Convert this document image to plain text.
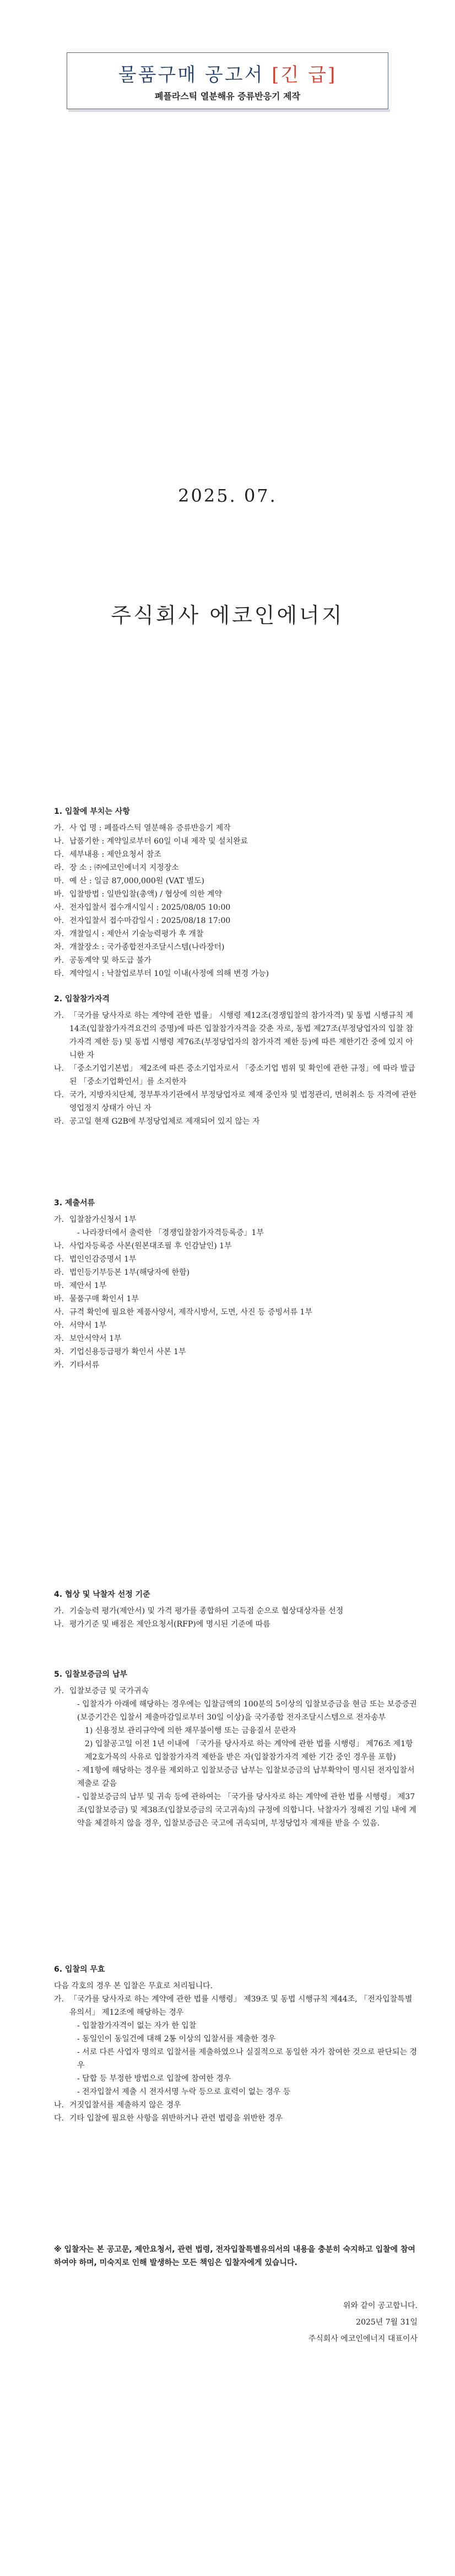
물품구매 공고서 [긴 급]
폐플라스틱 열분해유 증류반응기 제작
2025. 07.
주식회사 에코인에너지
1. 입찰에 부치는 사항
가. 사 업 명 : 폐플라스틱 열분해유 증류반응기 제작
나. 납품기한 : 계약일로부터 60일 이내 제작 및 설치완료
다. 세부내용 : 제안요청서 참조
라. 장 소 : ㈜에코인에너지 지정장소
마. 예 산 : 일금 87,000,000원 (VAT 별도)
바. 입찰방법 : 일반입찰(총액) / 협상에 의한 계약
사. 전자입찰서 접수개시일시 : 2025/08/05 10:00
아. 전자입찰서 접수마감일시 : 2025/08/18 17:00
자. 개찰일시 : 제안서 기술능력평가 후 개찰
차. 개찰장소 : 국가종합전자조달시스템(나라장터)
카. 공동계약 및 하도급 불가
타. 계약일시 : 낙찰업로부터 10일 이내(사정에 의해 변경 가능)
2. 입찰참가자격
가. 「국가를 당사자로 하는 계약에 관한 법률」 시행령 제12조(경쟁입찰의 참가자격) 및 동법 시행규칙 제14조(입찰참가자격요건의 증명)에 따른 입찰참가자격을 갖춘 자로, 동법 제27조(부정당업자의 입찰 참가자격 제한 등) 및 동법 시행령 제76조(부정당업자의 참가자격 제한 등)에 따른 제한기간 중에 있지 아니한 자
나. 「중소기업기본법」 제2조에 따른 중소기업자로서 「중소기업 범위 및 확인에 관한 규정」에 따라 발급된 「중소기업확인서」를 소지한자
다. 국가, 지방자치단체, 정부투자기관에서 부정당업자로 제재 중인자 및 법정관리, 면허취소 등 자격에 관한 영업정지 상태가 아닌 자
라. 공고일 현재 G2B에 부정당업체로 제재되어 있지 않는 자
3. 제출서류
가. 입찰참가신청서 1부
- 나라장터에서 출력한 「경쟁입찰참가자격등록증」1부
나. 사업자등록증 사본(원본대조필 후 인감날인) 1부
다. 법인인감증명서 1부
라. 법인등기부등본 1부(해당자에 한함)
마. 제안서 1부
바. 물품구매 확인서 1부
사. 규격 확인에 필요한 제품사양서, 제작시방서, 도면, 사진 등 증빙서류 1부
아. 서약서 1부
자. 보안서약서 1부
차. 기업신용등급평가 확인서 사본 1부
카. 기타서류
4. 협상 및 낙찰자 선정 기준
가. 기술능력 평가(제안서) 및 가격 평가를 종합하여 고득점 순으로 협상대상자를 선정
나. 평가기준 및 배점은 제안요청서(RFP)에 명시된 기준에 따름
5. 입찰보증금의 납부
가. 입찰보증금 및 국가귀속
- 입찰자가 아래에 해당하는 경우에는 입찰금액의 100분의 5이상의 입찰보증금을 현금 또는 보증증권(보증기간은 입찰서 제출마감일로부터 30일 이상)을 국가종합 전자조달시스템으로 전자송부
1) 신용정보 관리규약에 의한 채무불이행 또는 금융질서 문란자
2) 입찰공고일 이전 1년 이내에 「국가를 당사자로 하는 계약에 관한 법률 시행령」 제76조 제1항 제2호가목의 사유로 입찰참가자격 제한을 받은 자(입찰참가자격 제한 기간 중인 경우를 포함)
- 제1항에 해당하는 경우를 제외하고 입찰보증금 납부는 입찰보증금의 납부확약이 명시된 전자입찰서 제출로 갈음
- 입찰보증금의 납부 및 귀속 등에 관하여는 「국가를 당사자로 하는 계약에 관한 법률 시행령」 제37조(입찰보증금) 및 제38조(입찰보증금의 국고귀속)의 규정에 의합니다. 낙찰자가 정해진 기일 내에 계약을 체결하지 않을 경우, 입찰보증금은 국고에 귀속되며, 부정당업자 제재를 받을 수 있음.
6. 입찰의 무효
다음 각호의 경우 본 입찰은 무효로 처리됩니다.
가. 「국가를 당사자로 하는 계약에 관한 법률 시행령」 제39조 및 동법 시행규칙 제44조, 「전자입찰특별유의서」 제12조에 해당하는 경우
- 입찰참가자격이 없는 자가 한 입찰
- 동일인이 동일건에 대해 2통 이상의 입찰서를 제출한 경우
- 서로 다른 사업자 명의로 입찰서를 제출하였으나 실질적으로 동일한 자가 참여한 것으로 판단되는 경우
- 담합 등 부정한 방법으로 입찰에 참여한 경우
- 전자입찰서 제출 시 전자서명 누락 등으로 효력이 없는 경우 등
나. 거짓입찰서를 제출하지 않은 경우
다. 기타 입찰에 필요한 사항을 위반하거나 관련 법령을 위반한 경우
※ 입찰자는 본 공고문, 제안요청서, 관련 법령, 전자입찰특별유의서의 내용을 충분히 숙지하고 입찰에 참여하여야 하며, 미숙지로 인해 발생하는 모든 책임은 입찰자에게 있습니다.
위와 같이 공고합니다.
2025년 7월 31일
주식회사 에코인에너지 대표이사
